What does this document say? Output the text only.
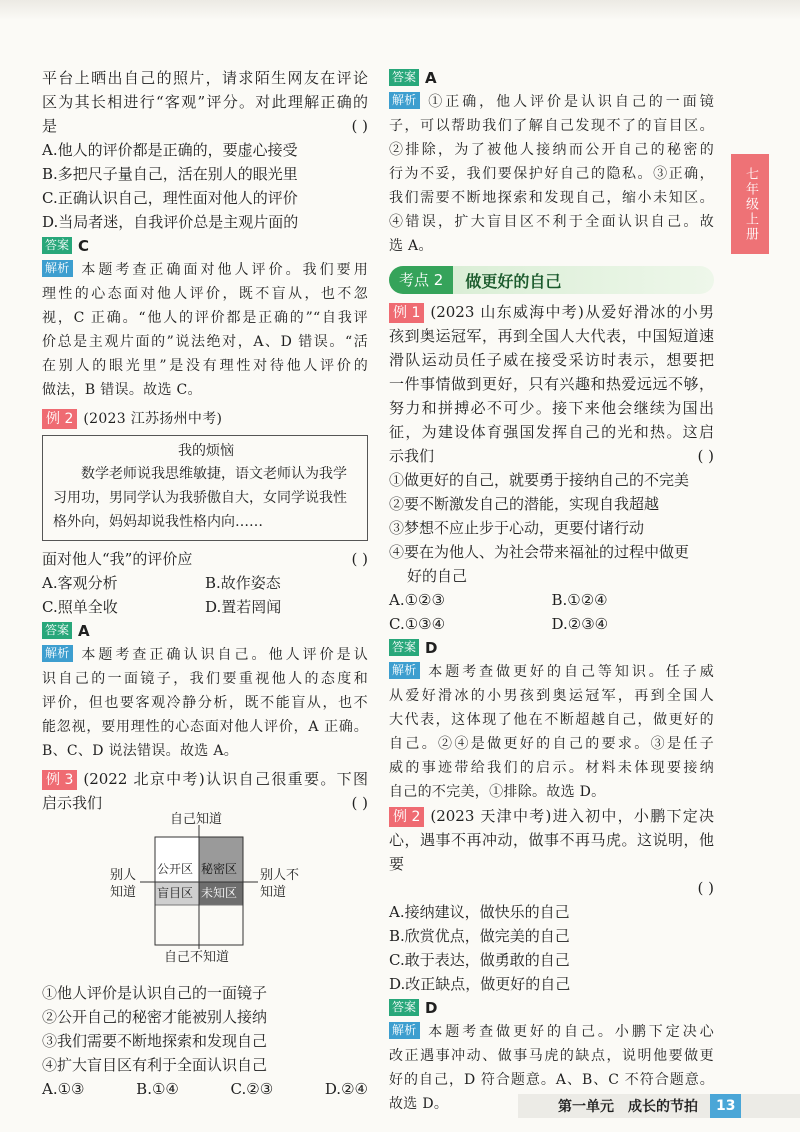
七年级上册

平台上晒出自己的照片，请求陌生网友在评论

区为其长相进行“客观”评分。对此理解正确的

是	( )

A.他人的评价都是正确的，要虚心接受

B.多把尺子量自己，活在别人的眼光里

C.正确认识自己，理性面对他人的评价

D.当局者迷，自我评价总是主观片面的

答案 C

解析 本题考查正确面对他人评价。我们要用

理性的心态面对他人评价，既不盲从，也不忽

视，C 正确。“他人的评价都是正确的”“自我评

价总是主观片面的”说法绝对，A、D 错误。“活

在别人的眼光里”是没有理性对待他人评价的

做法，B 错误。故选 C。

例 2 (2023 江苏扬州中考)

我的烦恼
数学老师说我思维敏捷，语文老师认为我学习用功，男同学认为我骄傲自大，女同学说我性格外向，妈妈却说我性格内向……

面对他人“我”的评价应	( )

A.客观分析	B.故作姿态

C.照单全收	D.置若罔闻

答案 A

解析 本题考查正确认识自己。他人评价是认

识自己的一面镜子，我们要重视他人的态度和

评价，但也要客观冷静分析，既不能盲从，也不

能忽视，要用理性的心态面对他人评价，A 正确。

B、C、D 说法错误。故选 A。

例 3 (2022 北京中考)认识自己很重要。下图

启示我们	( )

自己知道
自己不知道
别人
知道
别人不
知道
公开区 秘密区
盲目区 未知区

①他人评价是认识自己的一面镜子

②公开自己的秘密才能被别人接纳

③我们需要不断地探索和发现自己

④扩大盲目区有利于全面认识自己

A.①③	B.①④	C.②③	D.②④

答案 A

解析 ①正确，他人评价是认识自己的一面镜

子，可以帮助我们了解自己发现不了的盲目区。

②排除，为了被他人接纳而公开自己的秘密的

行为不妥，我们要保护好自己的隐私。③正确，

我们需要不断地探索和发现自己，缩小未知区。

④错误，扩大盲目区不利于全面认识自己。故

选 A。

考点 2	做更好的自己

例 1 (2023 山东威海中考)从爱好滑冰的小男

孩到奥运冠军，再到全国人大代表，中国短道速

滑队运动员任子威在接受采访时表示，想要把

一件事情做到更好，只有兴趣和热爱远远不够，

努力和拼搏必不可少。接下来他会继续为国出

征，为建设体育强国发挥自己的光和热。这启

示我们	( )

①做更好的自己，就要勇于接纳自己的不完美

②要不断激发自己的潜能，实现自我超越

③梦想不应止步于心动，更要付诸行动

④要在为他人、为社会带来福祉的过程中做更

好的自己

A.①②③	B.①②④

C.①③④	D.②③④

答案 D

解析 本题考查做更好的自己等知识。任子威

从爱好滑冰的小男孩到奥运冠军，再到全国人

大代表，这体现了他在不断超越自己，做更好的

自己。②④是做更好的自己的要求。③是任子

威的事迹带给我们的启示。材料未体现要接纳

自己的不完美，①排除。故选 D。

例 2 (2023 天津中考)进入初中，小鹏下定决

心，遇事不再冲动，做事不再马虎。这说明，他要

( )

A.接纳建议，做快乐的自己

B.欣赏优点，做完美的自己

C.敢于表达，做勇敢的自己

D.改正缺点，做更好的自己

答案 D

解析 本题考查做更好的自己。小鹏下定决心

改正遇事冲动、做事马虎的缺点，说明他要做更

好的自己，D 符合题意。A、B、C 不符合题意。

故选 D。	第一单元 成长的节拍	13
